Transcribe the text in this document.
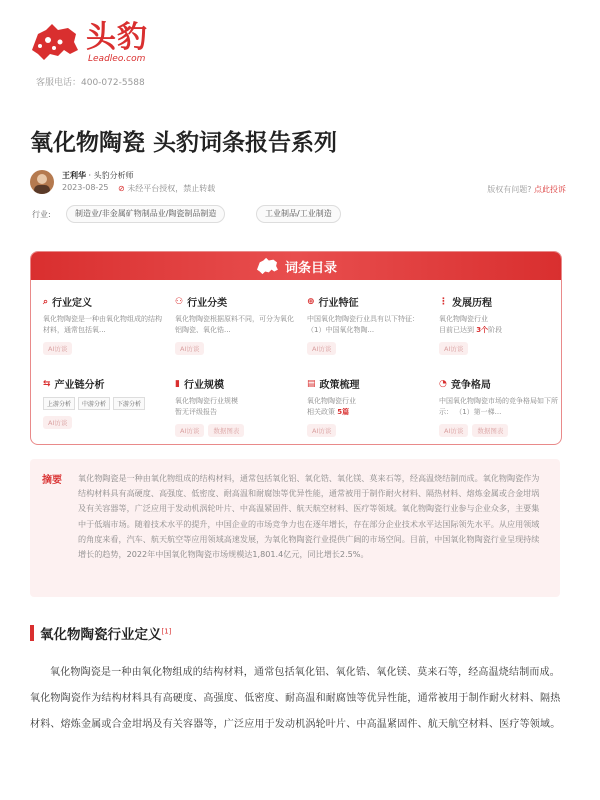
头豹
Leadleo.com
客服电话：400-072-5588
氧化物陶瓷 头豹词条报告系列
王利华 · 头豹分析师
2023-08-25 ⊘ 未经平台授权，禁止转载	版权有问题? 点此投诉
行业:	制造业/非金属矿物制品业/陶瓷制品制造	工业制品/工业制造
词条目录
⌕ 行业定义
氧化物陶瓷是一种由氧化物组成的结构材料，通常包括氧...
AI访谈
⚇ 行业分类
氧化物陶瓷根据原料不同，可分为氧化铝陶瓷、氧化锆...
AI访谈
⊕ 行业特征
中国氧化物陶瓷行业具有以下特征： （1）中国氧化物陶...
AI访谈
⋮ 发展历程
氧化物陶瓷行业
目前已达到 3个阶段
AI访谈
⇆ 产业链分析
上游分析 中游分析 下游分析
AI访谈
▮ 行业规模
氧化物陶瓷行业规模
暂无评级报告
AI访谈 数据图表
▤ 政策梳理
氧化物陶瓷行业
相关政策 5篇
AI访谈
◔ 竞争格局
中国氧化物陶瓷市场的竞争格局如下所示： （1）第一梯...
AI访谈 数据图表
摘要 氧化物陶瓷是一种由氧化物组成的结构材料，通常包括氧化铝、氧化锆、氧化镁、莫来石等，经高温烧结制而成。氧化物陶瓷作为结构材料具有高硬度、高强度、低密度、耐高温和耐腐蚀等优异性能，通常被用于制作耐火材料、隔热材料、熔炼金属或合金坩埚及有关容器等，广泛应用于发动机涡轮叶片、中高温紧固件、航天航空材料、医疗等领域。氧化物陶瓷行业参与企业众多，主要集中于低端市场。随着技术水平的提升，中国企业的市场竞争力也在逐年增长，存在部分企业技术水平达国际领先水平。从应用领域的角度来看，汽车、航天航空等应用领域高速发展，为氧化物陶瓷行业提供广阔的市场空间。目前，中国氧化物陶瓷行业呈现持续增长的趋势，2022年中国氧化物陶瓷市场规模达1,801.4亿元，同比增长2.5%。
氧化物陶瓷行业定义[1]
氧化物陶瓷是一种由氧化物组成的结构材料，通常包括氧化铝、氧化锆、氧化镁、莫来石等，经高温烧结制而成。氧化物陶瓷作为结构材料具有高硬度、高强度、低密度、耐高温和耐腐蚀等优异性能，通常被用于制作耐火材料、隔热材料、熔炼金属或合金坩埚及有关容器等，广泛应用于发动机涡轮叶片、中高温紧固件、航天航空材料、医疗等领域。
